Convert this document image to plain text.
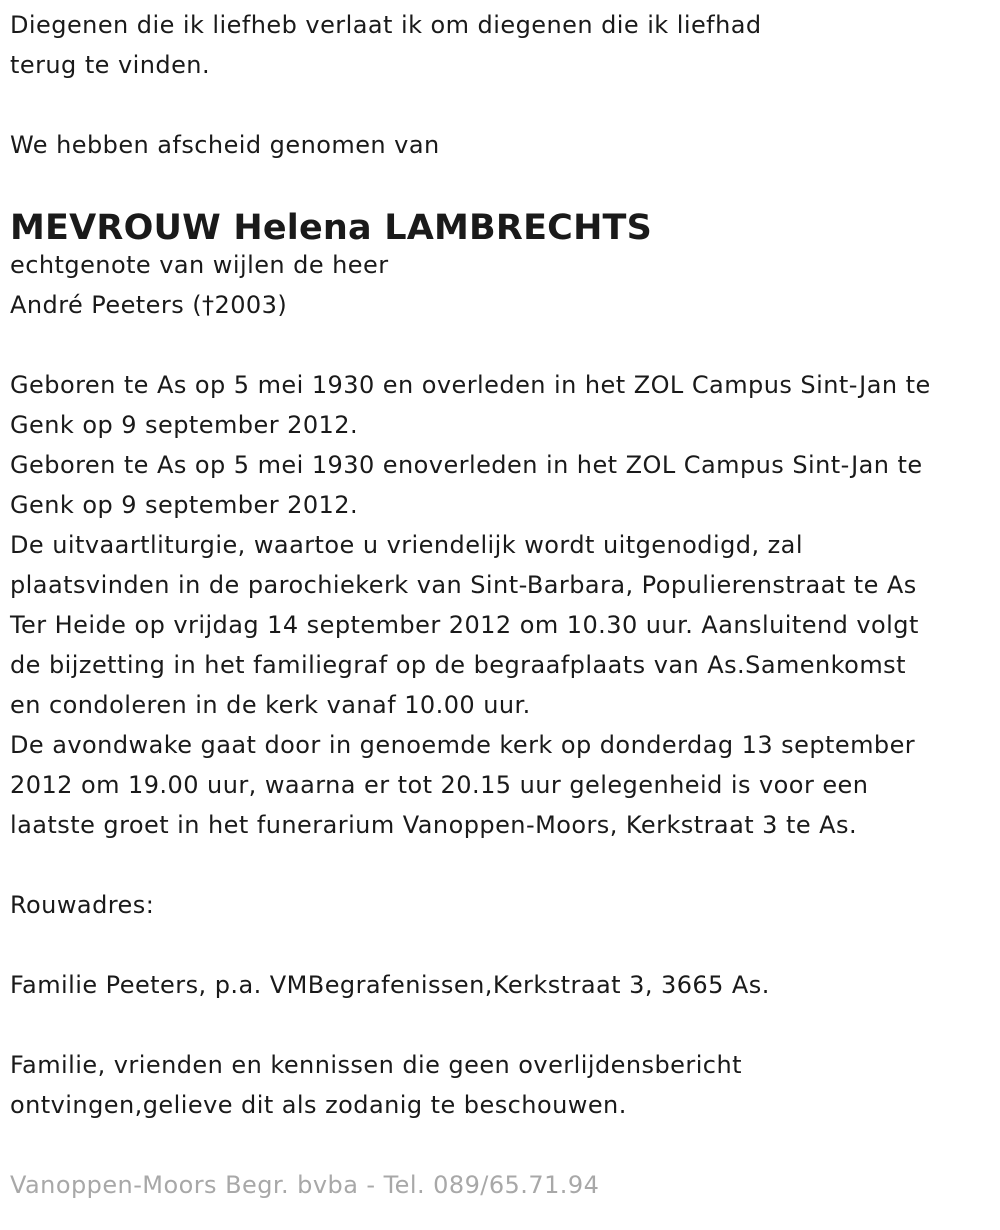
Diegenen die ik liefheb verlaat ik om diegenen die ik liefhad
terug te vinden.
We hebben afscheid genomen van
MEVROUW Helena LAMBRECHTS
echtgenote van wijlen de heer
André Peeters (†2003)
Geboren te As op 5 mei 1930 en overleden in het ZOL Campus Sint-Jan te
Genk op 9 september 2012.
Geboren te As op 5 mei 1930 enoverleden in het ZOL Campus Sint-Jan te
Genk op 9 september 2012.
De uitvaartliturgie, waartoe u vriendelijk wordt uitgenodigd, zal
plaatsvinden in de parochiekerk van Sint-Barbara, Populierenstraat te As
Ter Heide op vrijdag 14 september 2012 om 10.30 uur. Aansluitend volgt
de bijzetting in het familiegraf op de begraafplaats van As.Samenkomst
en condoleren in de kerk vanaf 10.00 uur.
De avondwake gaat door in genoemde kerk op donderdag 13 september
2012 om 19.00 uur, waarna er tot 20.15 uur gelegenheid is voor een
laatste groet in het funerarium Vanoppen-Moors, Kerkstraat 3 te As.
Rouwadres:
Familie Peeters, p.a. VMBegrafenissen,Kerkstraat 3, 3665 As.
Familie, vrienden en kennissen die geen overlijdensbericht
ontvingen,gelieve dit als zodanig te beschouwen.
Vanoppen-Moors Begr. bvba - Tel. 089/65.71.94
